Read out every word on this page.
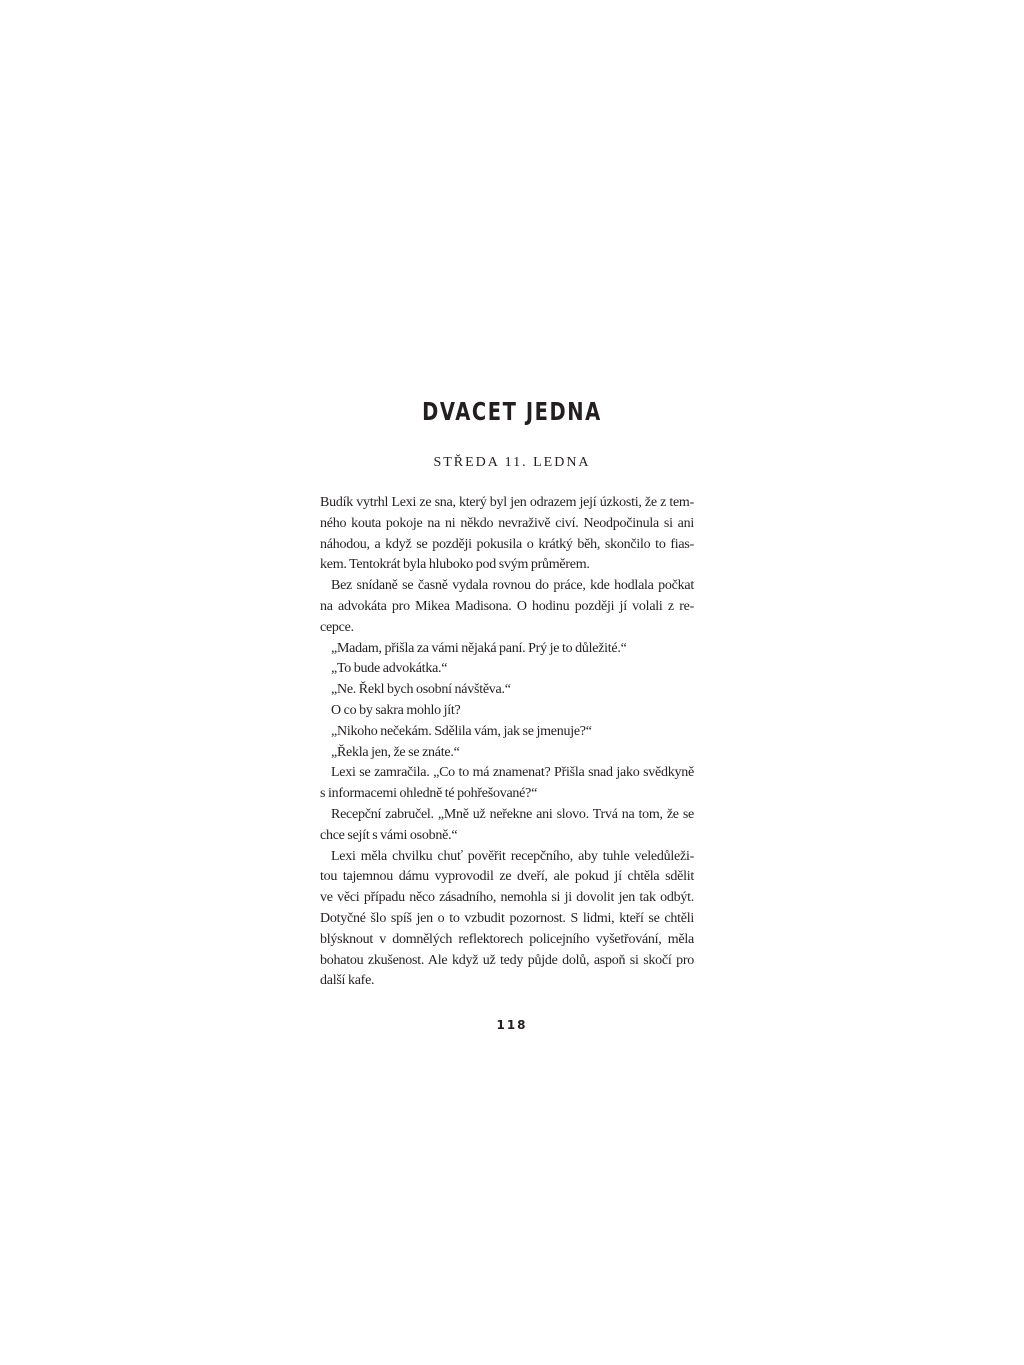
DVACET JEDNA
STŘEDA 11. LEDNA
Budík vytrhl Lexi ze sna, který byl jen odrazem její úzkosti, že z tem-
ného kouta pokoje na ni někdo nevraživě civí. Neodpočinula si ani
náhodou, a když se později pokusila o krátký běh, skončilo to fias-
kem. Tentokrát byla hluboko pod svým průměrem.
Bez snídaně se časně vydala rovnou do práce, kde hodlala počkat
na advokáta pro Mikea Madisona. O hodinu později jí volali z re-
cepce.
„Madam, přišla za vámi nějaká paní. Prý je to důležité.“
„To bude advokátka.“
„Ne. Řekl bych osobní návštěva.“
O co by sakra mohlo jít?
„Nikoho nečekám. Sdělila vám, jak se jmenuje?“
„Řekla jen, že se znáte.“
Lexi se zamračila. „Co to má znamenat? Přišla snad jako svědkyně
s informacemi ohledně té pohřešované?“
Recepční zabručel. „Mně už neřekne ani slovo. Trvá na tom, že se
chce sejít s vámi osobně.“
Lexi měla chvilku chuť pověřit recepčního, aby tuhle veledůleži-
tou tajemnou dámu vyprovodil ze dveří, ale pokud jí chtěla sdělit
ve věci případu něco zásadního, nemohla si ji dovolit jen tak odbýt.
Dotyčné šlo spíš jen o to vzbudit pozornost. S lidmi, kteří se chtěli
blýsknout v domnělých reflektorech policejního vyšetřování, měla
bohatou zkušenost. Ale když už tedy půjde dolů, aspoň si skočí pro
další kafe.
118
